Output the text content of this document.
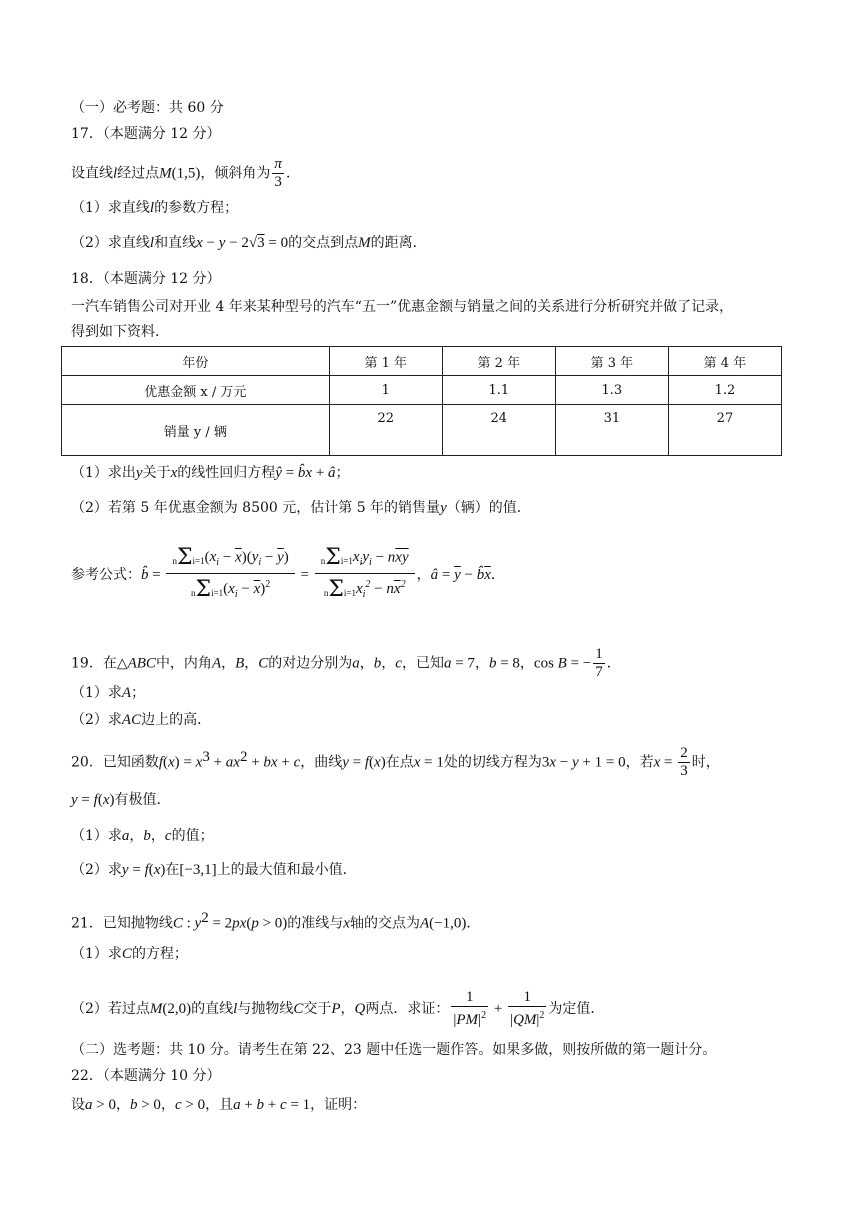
（一）必考题：共 60 分
17．（本题满分 12 分）
设直线l经过点M(1,5)，倾斜角为 $\frac{\pi}{3}$ ．
（1）求直线l的参数方程；
（2）求直线l和直线x − y − 2√3 = 0的交点到点M的距离．
18．（本题满分 12 分）
一汽车销售公司对开业 4 年来某种型号的汽车“五一”优惠金额与销量之间的关系进行分析研究并做了记录，
得到如下资料．
年份	第 1 年	第 2 年	第 3 年	第 4 年
优惠金额 x / 万元	1	1.1	1.3	1.2
销量 y / 辆	22	24	31	27
（1）求出y关于x的线性回归方程ŷ = b̂x + â；
（2）若第 5 年优惠金额为 8500 元，估计第 5 年的销售量y（辆）的值．
参考公式：b̂ = $\frac{n\Sigma i=1(x_i - \overline{x})(y_i - \overline{y})}{n\Sigma i=1(x_i - \overline{x})^2} = \frac{n\Sigma i=1x_iy_i - n\overline{x}\overline{y}}{n\Sigma i=1x_i^2 - n\overline{x}^2}$ ，â = $\overline{y}$ − $b̂\overline{x}$．
19．在△ABC中，内角A，B，C的对边分别为a，b，c，已知a = 7，b = 8，cos B = − $\frac{1}{7}$ ．
（1）求A；
（2）求AC边上的高．
20．已知函数$f(x) = x^3 + ax^2$ + bx + c，曲线y = f(x)在点x = 1处的切线方程为3x − y + 1 = 0，若$x = \frac{2}{3}$ 时，
y = f(x)有极值．
（1）求a，b，c的值；
（2）求y = f(x)在[−3,1]上的最大值和最小值．
21．已知抛物线C : $y^2 = 2px(p > 0)$的准线与x轴的交点为A(−1,0)．
（1）求C的方程；
（2）若过点M(2,0)的直线l与抛物线C交于P，Q两点．求证： $\frac{1}{|PM|^2} + \frac{1}{|QM|^2}$ 为定值．
（二）选考题：共 10 分。请考生在第 22、23 题中任选一题作答。如果多做，则按所做的第一题计分。
22．（本题满分 10 分）
设a > 0，b > 0，c > 0，且a + b + c = 1，证明：
